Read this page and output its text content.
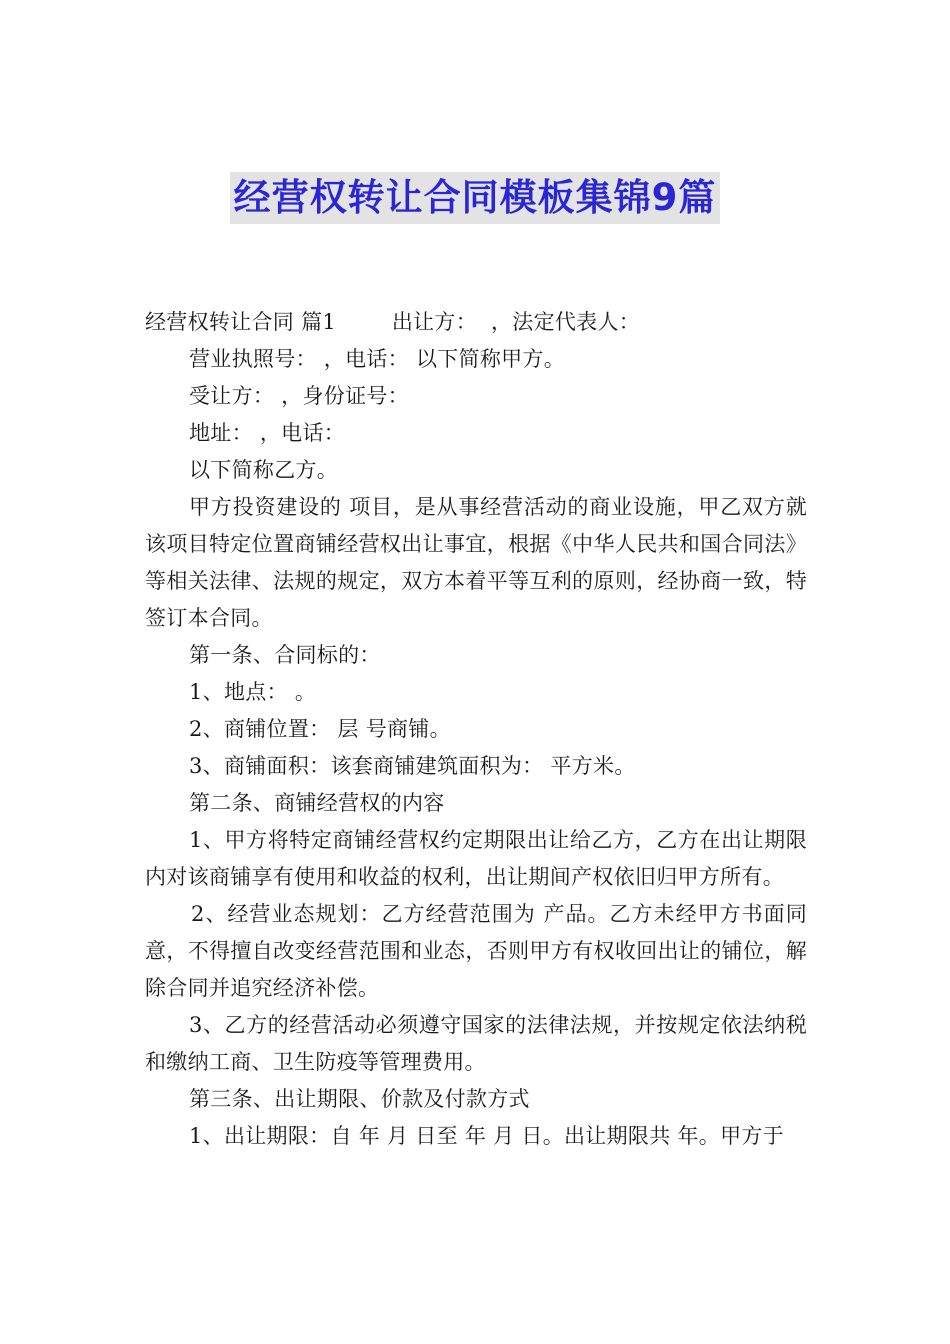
经营权转让合同模板集锦9篇

经营权转让合同 篇1        出让方：  ，法定代表人：

营业执照号： ，电话： 以下简称甲方。

受让方： ，身份证号：

地址： ，电话：

以下简称乙方。

甲方投资建设的 项目，是从事经营活动的商业设施，甲乙双方就该项目特定位置商铺经营权出让事宜，根据《中华人民共和国合同法》等相关法律、法规的规定，双方本着平等互利的原则，经协商一致，特签订本合同。

第一条、合同标的：

1、地点： 。

2、商铺位置： 层 号商铺。

3、商铺面积：该套商铺建筑面积为： 平方米。

第二条、商铺经营权的内容

1、甲方将特定商铺经营权约定期限出让给乙方，乙方在出让期限内对该商铺享有使用和收益的权利，出让期间产权依旧归甲方所有。

2、经营业态规划：乙方经营范围为 产品。乙方未经甲方书面同意，不得擅自改变经营范围和业态，否则甲方有权收回出让的铺位，解除合同并追究经济补偿。

3、乙方的经营活动必须遵守国家的法律法规，并按规定依法纳税和缴纳工商、卫生防疫等管理费用。

第三条、出让期限、价款及付款方式

1、出让期限：自 年 月 日至 年 月 日。出让期限共 年。甲方于
